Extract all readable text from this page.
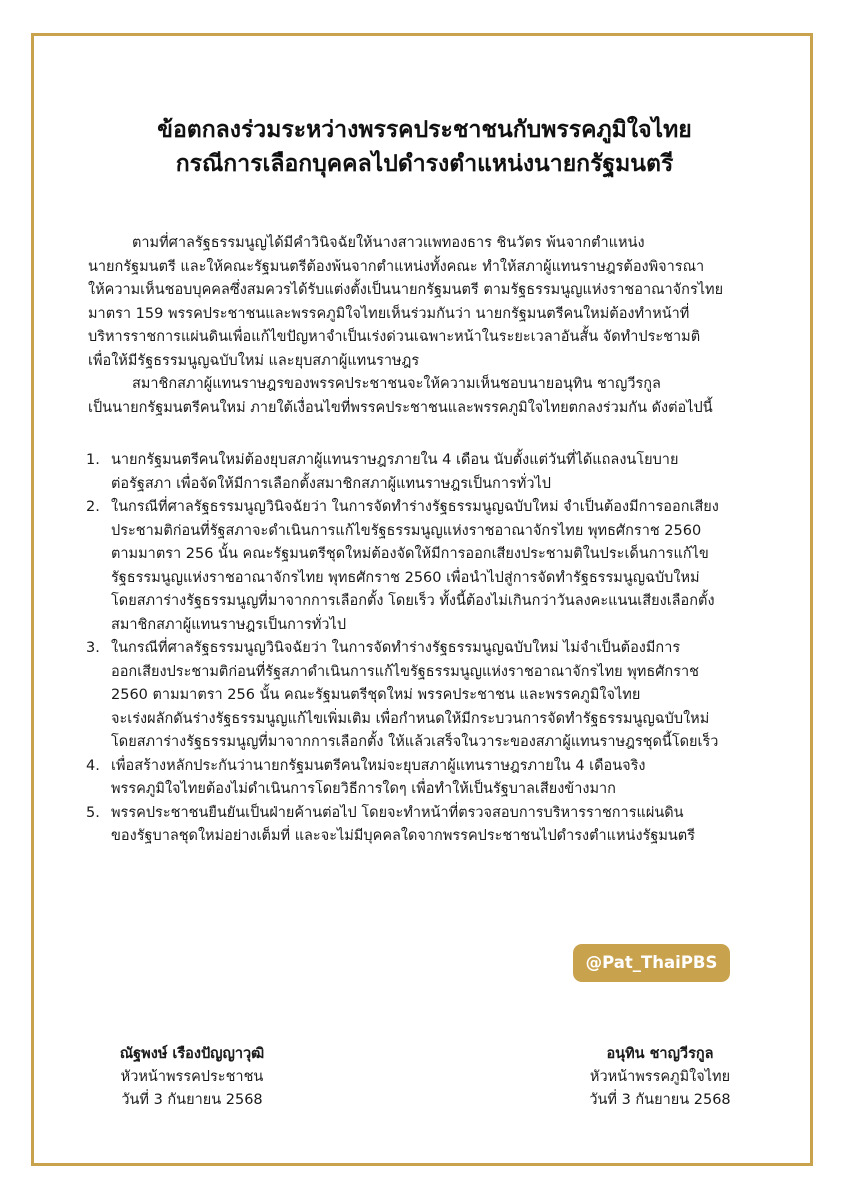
ข้อตกลงร่วมระหว่างพรรคประชาชนกับพรรคภูมิใจไทย
กรณีการเลือกบุคคลไปดำรงตำแหน่งนายกรัฐมนตรี
ตามที่ศาลรัฐธรรมนูญได้มีคำวินิจฉัยให้นางสาวแพทองธาร ชินวัตร พ้นจากตำแหน่ง
นายกรัฐมนตรี และให้คณะรัฐมนตรีต้องพ้นจากตำแหน่งทั้งคณะ ทำให้สภาผู้แทนราษฎรต้องพิจารณา
ให้ความเห็นชอบบุคคลซึ่งสมควรได้รับแต่งตั้งเป็นนายกรัฐมนตรี ตามรัฐธรรมนูญแห่งราชอาณาจักรไทย
มาตรา 159 พรรคประชาชนและพรรคภูมิใจไทยเห็นร่วมกันว่า นายกรัฐมนตรีคนใหม่ต้องทำหน้าที่
บริหารราชการแผ่นดินเพื่อแก้ไขปัญหาจำเป็นเร่งด่วนเฉพาะหน้าในระยะเวลาอันสั้น จัดทำประชามติ
เพื่อให้มีรัฐธรรมนูญฉบับใหม่ และยุบสภาผู้แทนราษฎร
สมาชิกสภาผู้แทนราษฎรของพรรคประชาชนจะให้ความเห็นชอบนายอนุทิน ชาญวีรกูล
เป็นนายกรัฐมนตรีคนใหม่ ภายใต้เงื่อนไขที่พรรคประชาชนและพรรคภูมิใจไทยตกลงร่วมกัน ดังต่อไปนี้
1. นายกรัฐมนตรีคนใหม่ต้องยุบสภาผู้แทนราษฎรภายใน 4 เดือน นับตั้งแต่วันที่ได้แถลงนโยบาย
ต่อรัฐสภา เพื่อจัดให้มีการเลือกตั้งสมาชิกสภาผู้แทนราษฎรเป็นการทั่วไป
2. ในกรณีที่ศาลรัฐธรรมนูญวินิจฉัยว่า ในการจัดทำร่างรัฐธรรมนูญฉบับใหม่ จำเป็นต้องมีการออกเสียง
ประชามติก่อนที่รัฐสภาจะดำเนินการแก้ไขรัฐธรรมนูญแห่งราชอาณาจักรไทย พุทธศักราช 2560
ตามมาตรา 256 นั้น คณะรัฐมนตรีชุดใหม่ต้องจัดให้มีการออกเสียงประชามติในประเด็นการแก้ไข
รัฐธรรมนูญแห่งราชอาณาจักรไทย พุทธศักราช 2560 เพื่อนำไปสู่การจัดทำรัฐธรรมนูญฉบับใหม่
โดยสภาร่างรัฐธรรมนูญที่มาจากการเลือกตั้ง โดยเร็ว ทั้งนี้ต้องไม่เกินกว่าวันลงคะแนนเสียงเลือกตั้ง
สมาชิกสภาผู้แทนราษฎรเป็นการทั่วไป
3. ในกรณีที่ศาลรัฐธรรมนูญวินิจฉัยว่า ในการจัดทำร่างรัฐธรรมนูญฉบับใหม่ ไม่จำเป็นต้องมีการ
ออกเสียงประชามติก่อนที่รัฐสภาดำเนินการแก้ไขรัฐธรรมนูญแห่งราชอาณาจักรไทย พุทธศักราช
2560 ตามมาตรา 256 นั้น คณะรัฐมนตรีชุดใหม่ พรรคประชาชน และพรรคภูมิใจไทย
จะเร่งผลักดันร่างรัฐธรรมนูญแก้ไขเพิ่มเติม เพื่อกำหนดให้มีกระบวนการจัดทำรัฐธรรมนูญฉบับใหม่
โดยสภาร่างรัฐธรรมนูญที่มาจากการเลือกตั้ง ให้แล้วเสร็จในวาระของสภาผู้แทนราษฎรชุดนี้โดยเร็ว
4. เพื่อสร้างหลักประกันว่านายกรัฐมนตรีคนใหม่จะยุบสภาผู้แทนราษฎรภายใน 4 เดือนจริง
พรรคภูมิใจไทยต้องไม่ดำเนินการโดยวิธีการใดๆ เพื่อทำให้เป็นรัฐบาลเสียงข้างมาก
5. พรรคประชาชนยืนยันเป็นฝ่ายค้านต่อไป โดยจะทำหน้าที่ตรวจสอบการบริหารราชการแผ่นดิน
ของรัฐบาลชุดใหม่อย่างเต็มที่ และจะไม่มีบุคคลใดจากพรรคประชาชนไปดำรงตำแหน่งรัฐมนตรี
@Pat_ThaiPBS
ณัฐพงษ์ เรืองปัญญาวุฒิ
หัวหน้าพรรคประชาชน
วันที่ 3 กันยายน 2568
อนุทิน ชาญวีรกูล
หัวหน้าพรรคภูมิใจไทย
วันที่ 3 กันยายน 2568
